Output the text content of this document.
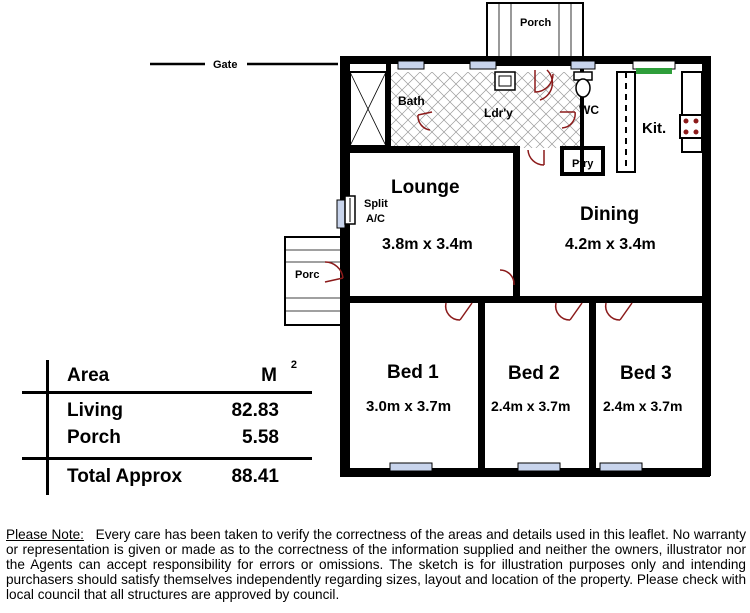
Gate
Porch
Porc
Split
A/C
Bath
Ldr'y	WC
Kit.
Ptry
Lounge
3.8m x 3.4m
Dining
4.2m x 3.4m
Bed 1
3.0m x 3.7m
Bed 2
2.4m x 3.7m
Bed 3
2.4m x 3.7m
Area	M 2
Living	82.83
Porch	5.58
Total Approx	88.41
Please Note: Every care has been taken to verify the correctness of the areas and details used in this leaflet. No warranty or representation is given or made as to the correctness of the information supplied and neither the owners, illustrator nor the Agents can accept responsibility for errors or omissions. The sketch is for illustration purposes only and intending purchasers should satisfy themselves independently regarding sizes, layout and location of the property. Please check with local council that all structures are approved by council.
